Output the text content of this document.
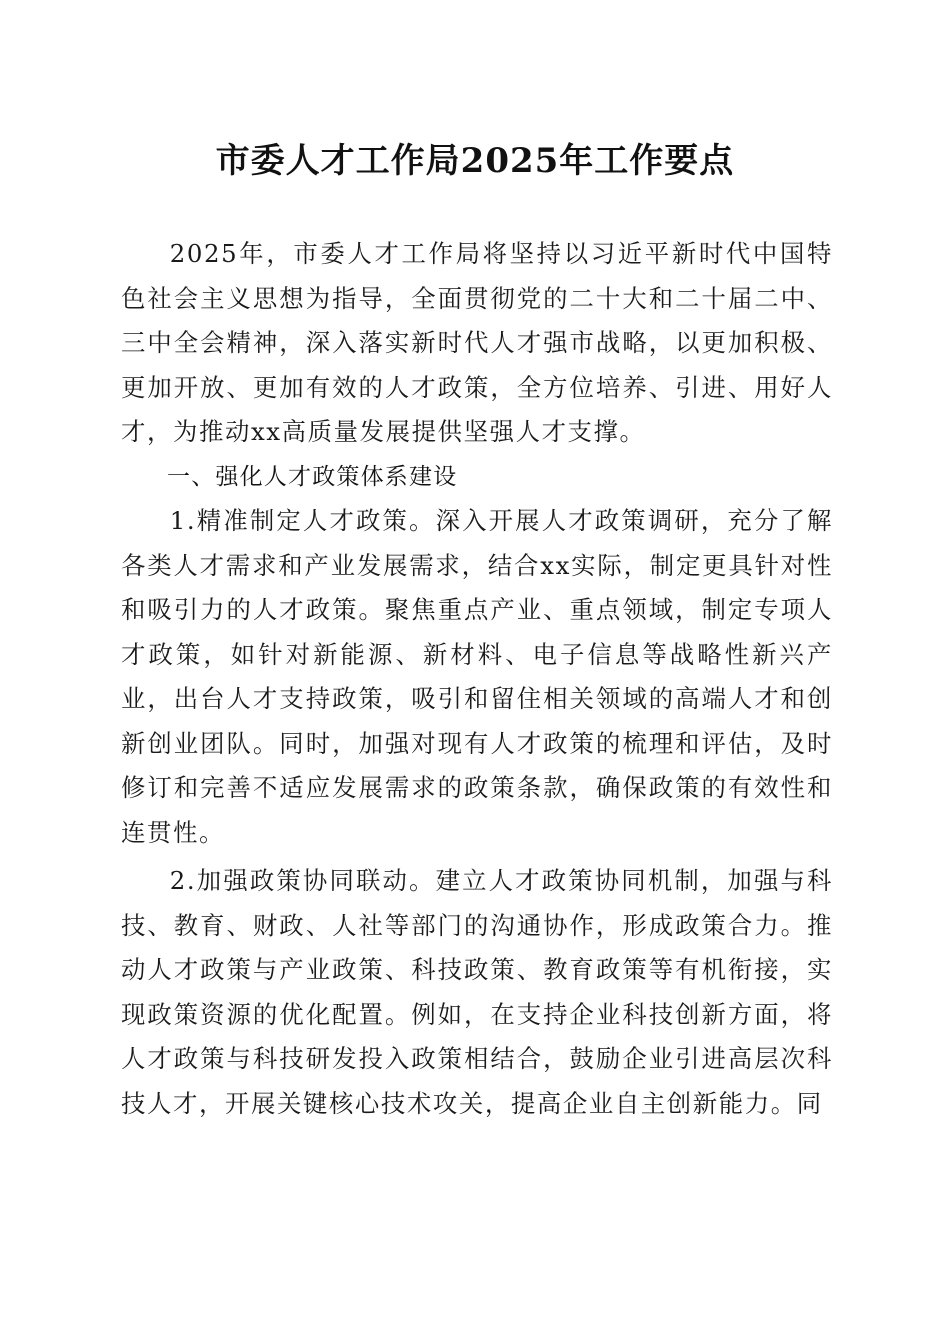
市委人才工作局2025年工作要点

2025年，市委人才工作局将坚持以习近平新时代中国特色社会主义思想为指导，全面贯彻党的二十大和二十届二中、三中全会精神，深入落实新时代人才强市战略，以更加积极、更加开放、更加有效的人才政策，全方位培养、引进、用好人才，为推动xx高质量发展提供坚强人才支撑。

一、强化人才政策体系建设

1.精准制定人才政策。深入开展人才政策调研，充分了解各类人才需求和产业发展需求，结合xx实际，制定更具针对性和吸引力的人才政策。聚焦重点产业、重点领域，制定专项人才政策，如针对新能源、新材料、电子信息等战略性新兴产业，出台人才支持政策，吸引和留住相关领域的高端人才和创新创业团队。同时，加强对现有人才政策的梳理和评估，及时修订和完善不适应发展需求的政策条款，确保政策的有效性和连贯性。

2.加强政策协同联动。建立人才政策协同机制，加强与科技、教育、财政、人社等部门的沟通协作，形成政策合力。推动人才政策与产业政策、科技政策、教育政策等有机衔接，实现政策资源的优化配置。例如，在支持企业科技创新方面，将人才政策与科技研发投入政策相结合，鼓励企业引进高层次科技人才，开展关键核心技术攻关，提高企业自主创新能力。同
